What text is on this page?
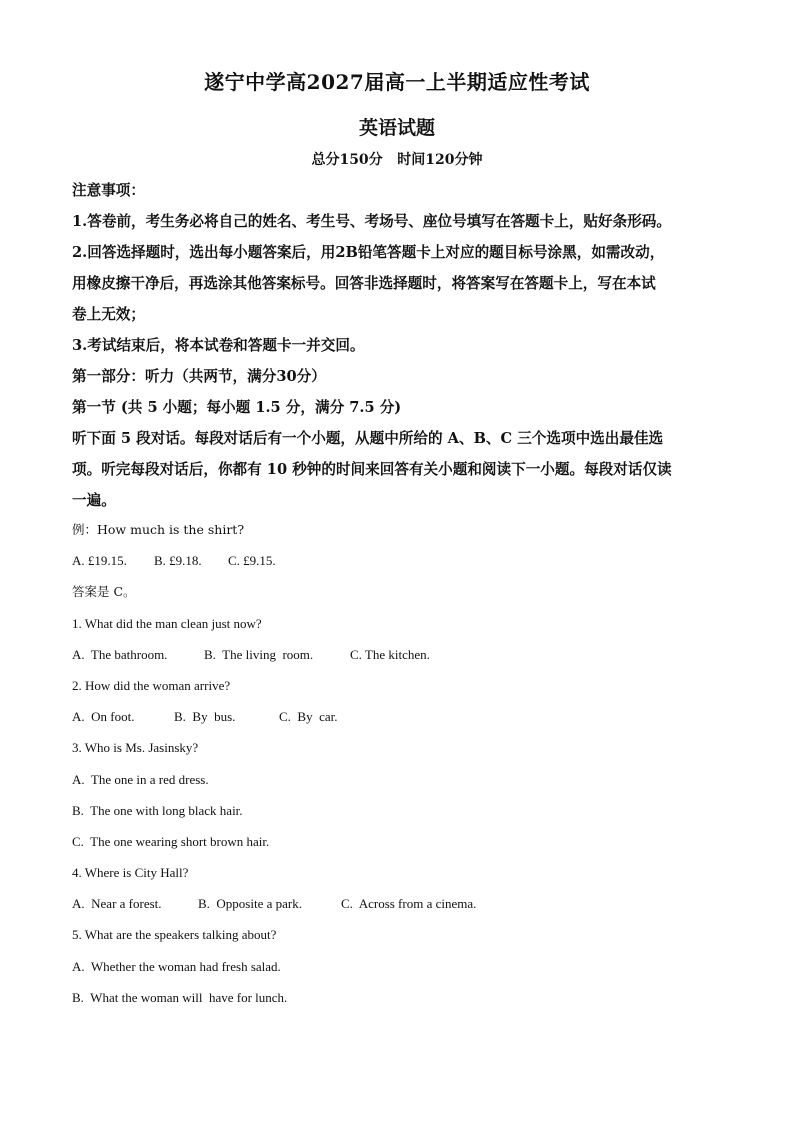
遂宁中学高2027届高一上半期适应性考试
英语试题
总分150分   时间120分钟
注意事项：
1.答卷前，考生务必将自己的姓名、考生号、考场号、座位号填写在答题卡上，贴好条形码。
2.回答选择题时，选出每小题答案后，用2B铅笔答题卡上对应的题目标号涂黑，如需改动，
用橡皮擦干净后，再选涂其他答案标号。回答非选择题时，将答案写在答题卡上，写在本试
卷上无效；
3.考试结束后，将本试卷和答题卡一并交回。
第一部分：听力（共两节，满分30分）
第一节 (共 5 小题；每小题 1.5 分，满分 7.5 分)
听下面 5 段对话。每段对话后有一个小题，从题中所给的 A、B、C 三个选项中选出最佳选
项。听完每段对话后，你都有 10 秒钟的时间来回答有关小题和阅读下一小题。每段对话仅读
一遍。
例：How much is the shirt?
A. £19.15. B. £9.18. C. £9.15.
答案是 C。
1. What did the man clean just now?
A.  The bathroom.	B.  The living  room.	C. The kitchen.
2. How did the woman arrive?
A.  On foot.	B.  By  bus.	C.  By  car.
3. Who is Ms. Jasinsky?
A.  The one in a red dress.
B.  The one with long black hair.
C.  The one wearing short brown hair.
4. Where is City Hall?
A.  Near a forest.	B.  Opposite a park.	C.  Across from a cinema.
5. What are the speakers talking about?
A.  Whether the woman had fresh salad.
B.  What the woman will  have for lunch.
